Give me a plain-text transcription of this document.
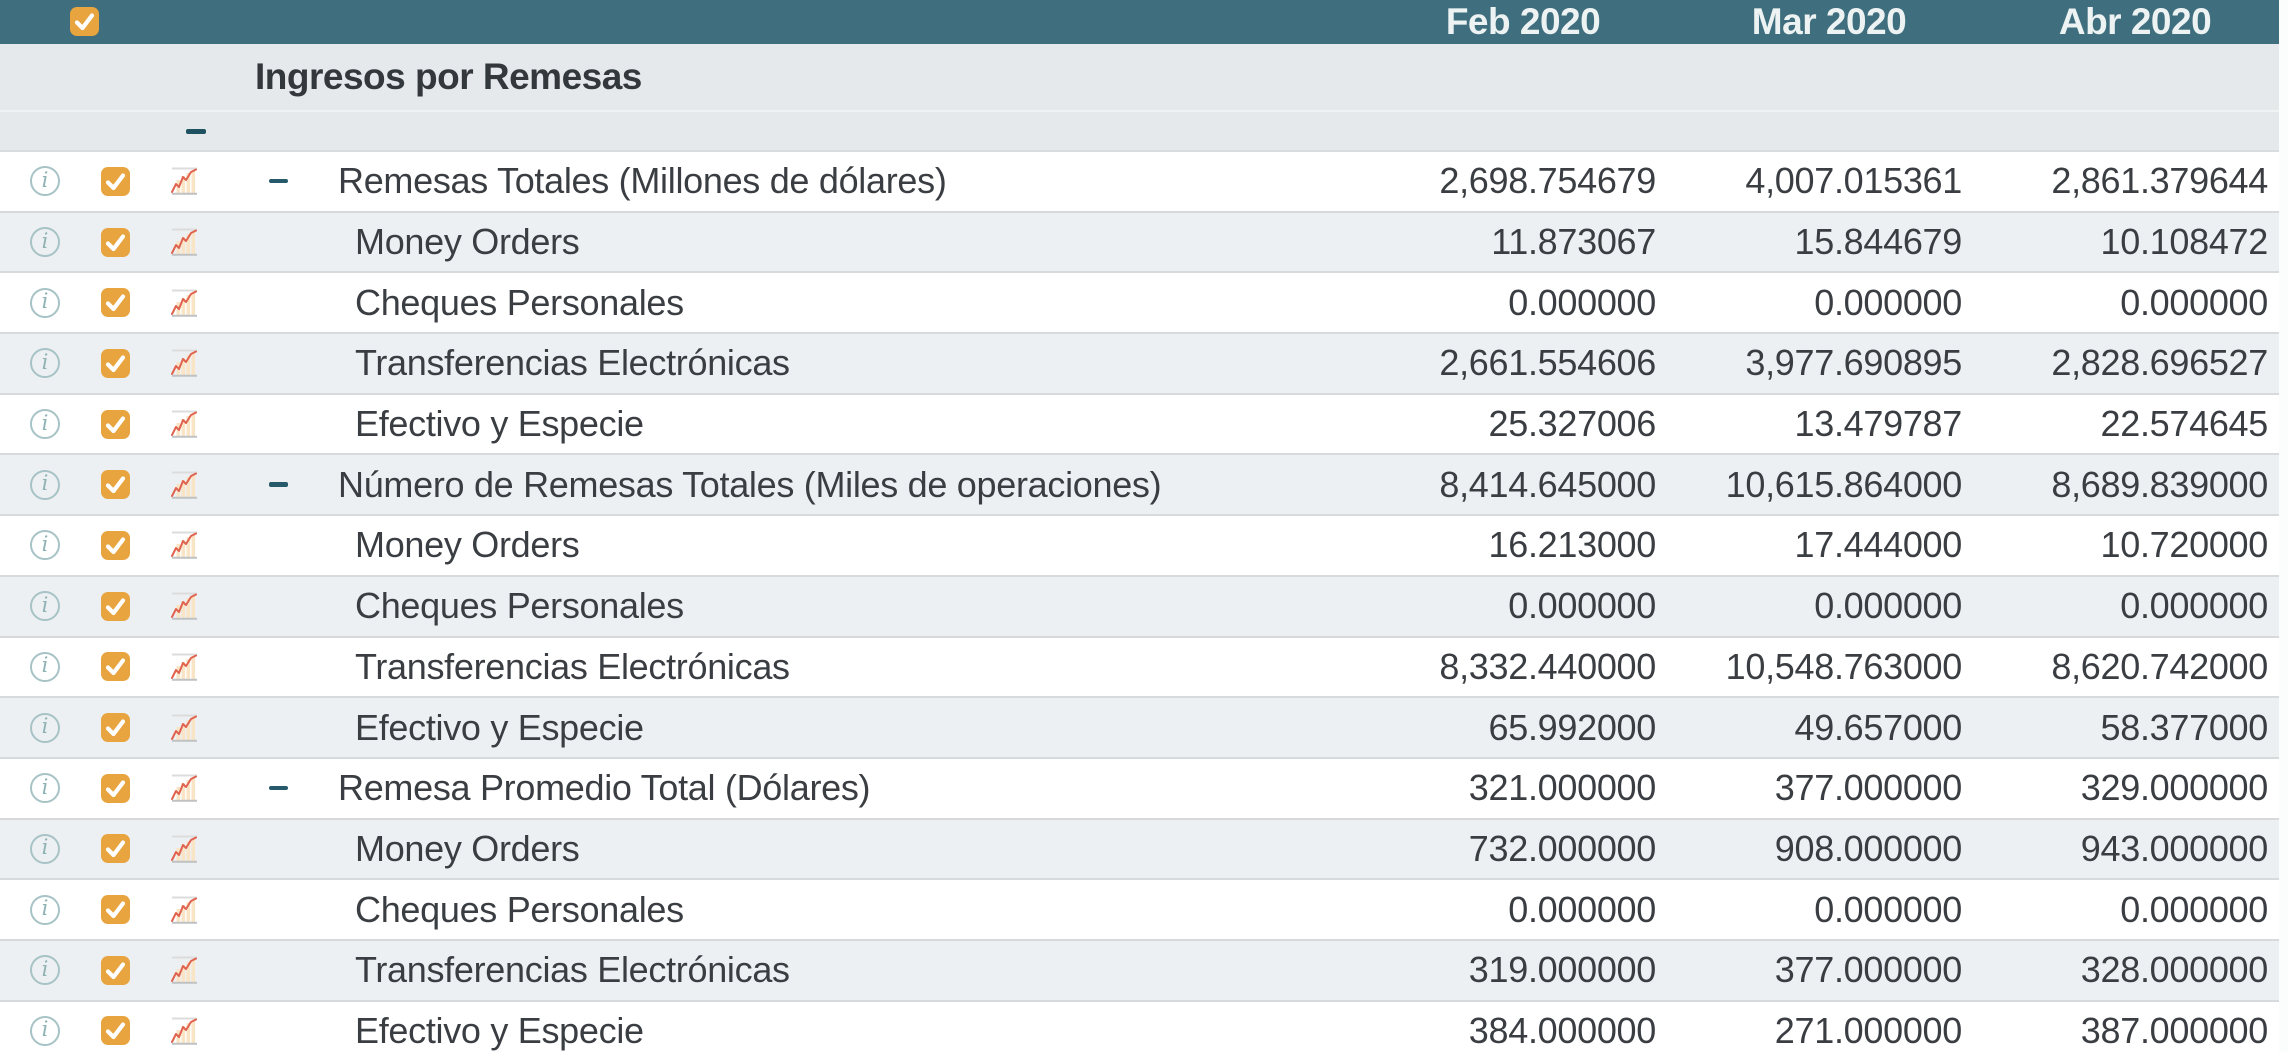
Feb 2020	Mar 2020	Abr 2020
Ingresos por Remesas
i	Remesas Totales (Millones de dólares)	2,698.754679	4,007.015361	2,861.379644
i	Money Orders	11.873067	15.844679	10.108472
i	Cheques Personales	0.000000	0.000000	0.000000
i	Transferencias Electrónicas	2,661.554606	3,977.690895	2,828.696527
i	Efectivo y Especie	25.327006	13.479787	22.574645
i	Número de Remesas Totales (Miles de operaciones)	8,414.645000	10,615.864000	8,689.839000
i	Money Orders	16.213000	17.444000	10.720000
i	Cheques Personales	0.000000	0.000000	0.000000
i	Transferencias Electrónicas	8,332.440000	10,548.763000	8,620.742000
i	Efectivo y Especie	65.992000	49.657000	58.377000
i	Remesa Promedio Total (Dólares)	321.000000	377.000000	329.000000
i	Money Orders	732.000000	908.000000	943.000000
i	Cheques Personales	0.000000	0.000000	0.000000
i	Transferencias Electrónicas	319.000000	377.000000	328.000000
i	Efectivo y Especie	384.000000	271.000000	387.000000
